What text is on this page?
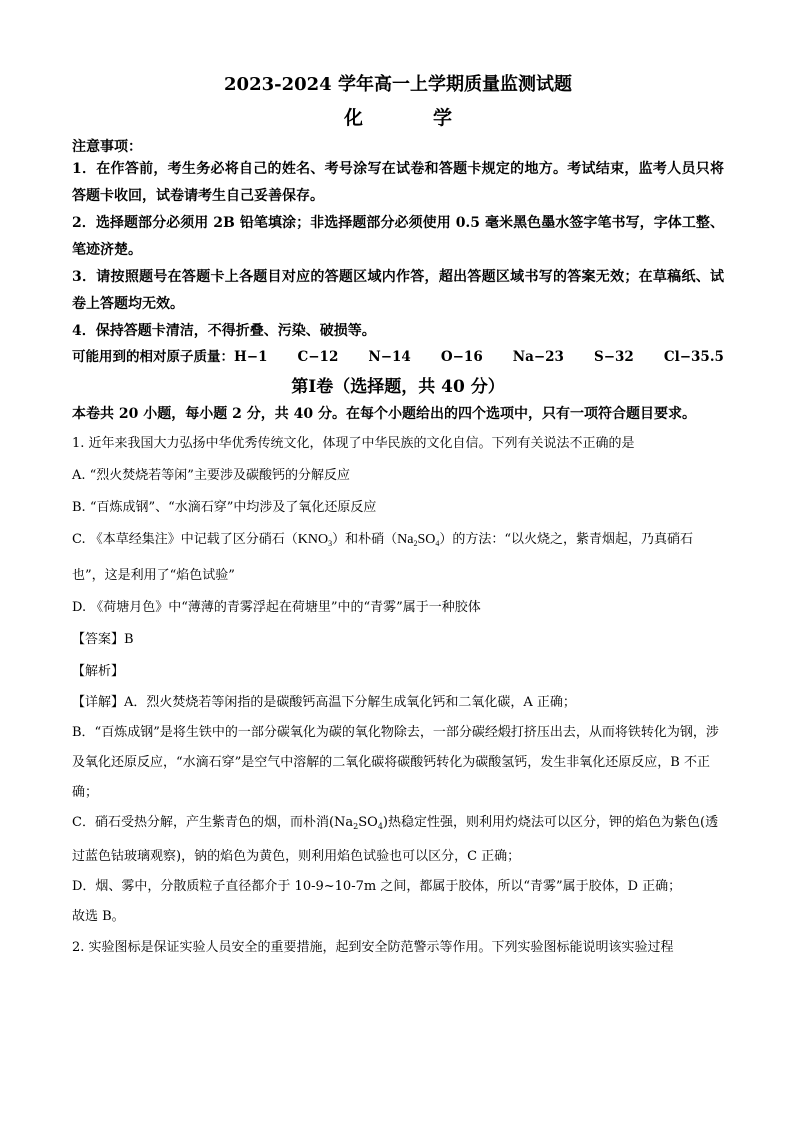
2023-2024 学年高一上学期质量监测试题
化	学
注意事项：
1．在作答前，考生务必将自己的姓名、考号涂写在试卷和答题卡规定的地方。考试结束，监考人员只将答题卡收回，试卷请考生自己妥善保存。
2．选择题部分必须用 2B 铅笔填涂；非选择题部分必须使用 0.5 毫米黑色墨水签字笔书写，字体工整、笔迹济楚。
3．请按照题号在答题卡上各题目对应的答题区域内作答，超出答题区域书写的答案无效；在草稿纸、试卷上答题均无效。
4．保持答题卡清洁，不得折叠、污染、破损等。
可能用到的相对原子质量：H−1 C−12 N−14 O−16 Na−23 S−32 Cl−35.5
第Ⅰ卷（选择题，共 40 分）
本卷共 20 小题，每小题 2 分，共 40 分。在每个小题给出的四个选项中，只有一项符合题目要求。
1. 近年来我国大力弘扬中华优秀传统文化，体现了中华民族的文化自信。下列有关说法不正确的是
A. “烈火焚烧若等闲”主要涉及碳酸钙的分解反应
B. “百炼成钢”、“水滴石穿”中均涉及了氧化还原反应
C. 《本草经集注》中记载了区分硝石$(KNO_3)$和朴硝$(Na_2SO_4)$的方法：“以火烧之，紫青烟起，乃真硝石也”，这是利用了“焰色试验”
D. 《荷塘月色》中“薄薄的青雾浮起在荷塘里”中的“青雾”属于一种胶体
【答案】B
【解析】
【详解】A．烈火焚烧若等闲指的是碳酸钙高温下分解生成氧化钙和二氧化碳，A 正确；
B．“百炼成钢”是将生铁中的一部分碳氧化为碳的氧化物除去，一部分碳经煅打挤压出去，从而将铁转化为钢，涉及氧化还原反应，“水滴石穿”是空气中溶解的二氧化碳将碳酸钙转化为碳酸氢钙，发生非氧化还原反应，B 不正确；
C．硝石受热分解，产生紫青色的烟，而朴消$(Na_2SO_4)$热稳定性强，则利用灼烧法可以区分，钾的焰色为紫色(透过蓝色钴玻璃观察)，钠的焰色为黄色，则利用焰色试验也可以区分，C 正确；
D．烟、雾中，分散质粒子直径都介于 10-9~10-7m 之间，都属于胶体，所以“青雾”属于胶体，D 正确；
故选 B。
2. 实验图标是保证实验人员安全的重要措施，起到安全防范警示等作用。下列实验图标能说明该实验过程
